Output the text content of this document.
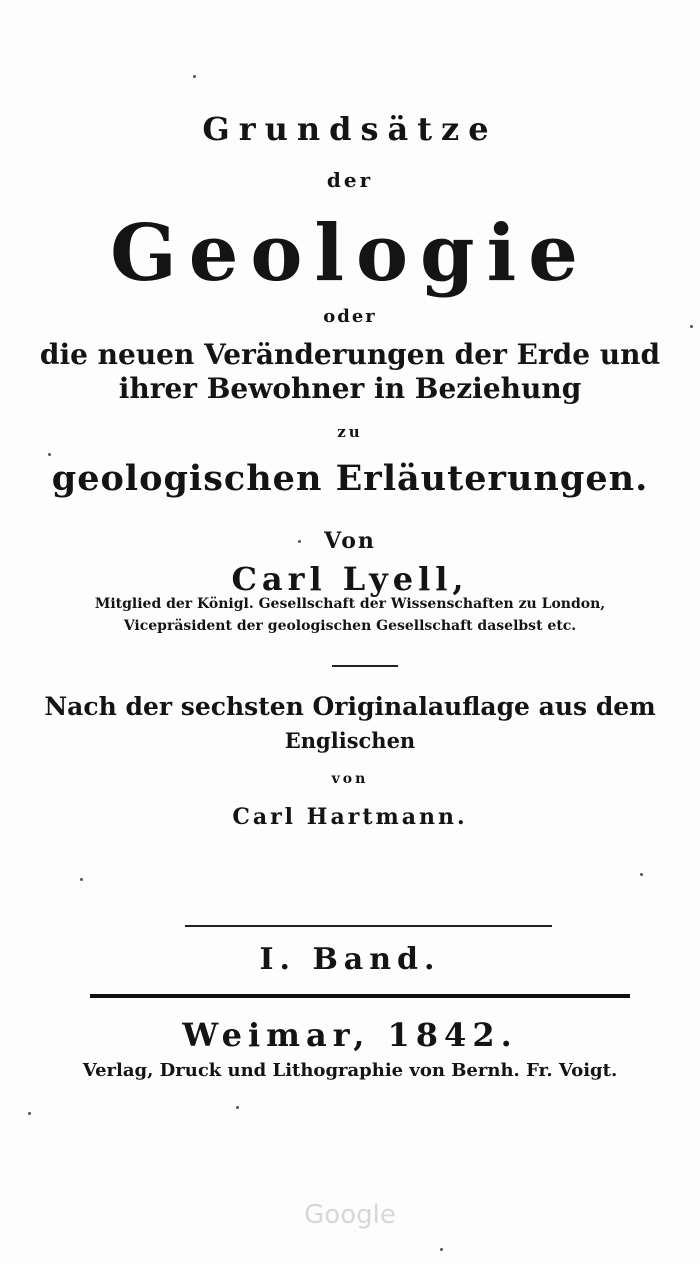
Grundsätze
der
Geologie
oder
die neuen Veränderungen der Erde und
ihrer Bewohner in Beziehung
zu
geologischen Erläuterungen.
Von
Carl Lyell,
Mitglied der Königl. Gesellschaft der Wissenschaften zu London,
Vicepräsident der geologischen Gesellschaft daselbst etc.
Nach der sechsten Originalauflage aus dem
Englischen
von
Carl Hartmann.
I. Band.
Weimar, 1842.
Verlag, Druck und Lithographie von Bernh. Fr. Voigt.
Google
